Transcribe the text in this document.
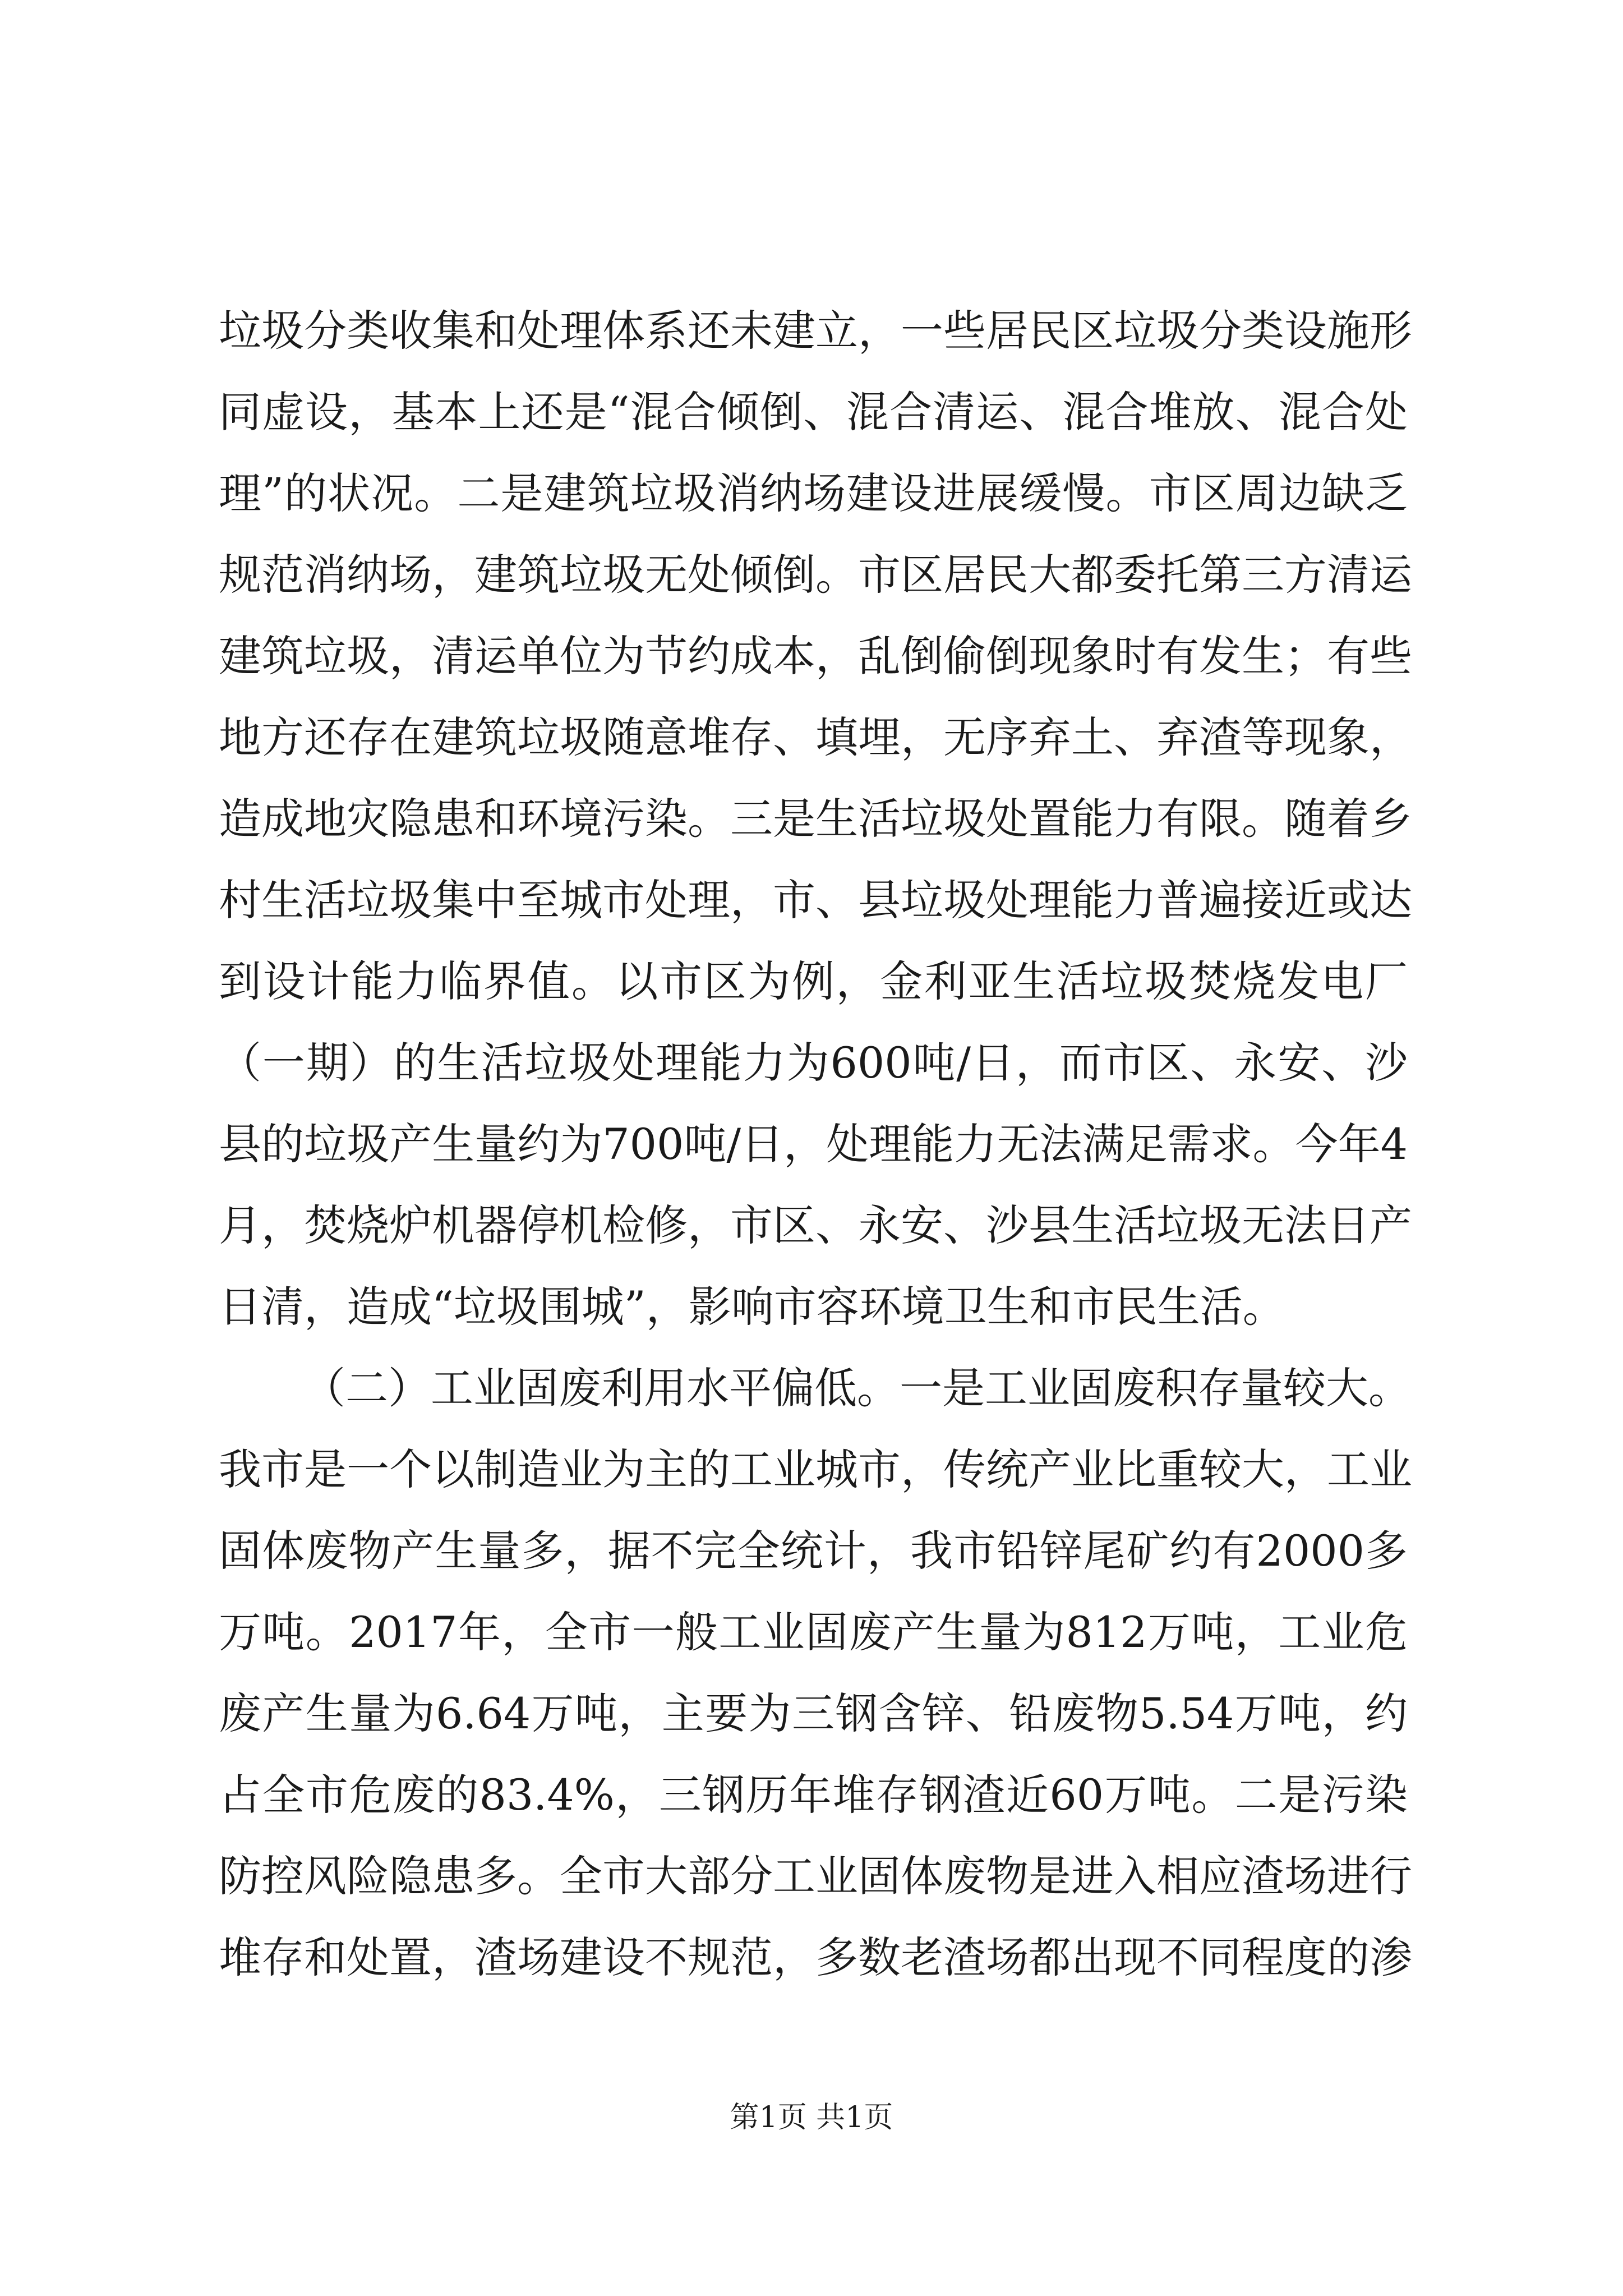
垃圾分类收集和处理体系还未建立，一些居民区垃圾分类设施形
同虚设，基本上还是“混合倾倒、混合清运、混合堆放、混合处
理”的状况。二是建筑垃圾消纳场建设进展缓慢。市区周边缺乏
规范消纳场，建筑垃圾无处倾倒。市区居民大都委托第三方清运
建筑垃圾，清运单位为节约成本，乱倒偷倒现象时有发生；有些
地方还存在建筑垃圾随意堆存、填埋，无序弃土、弃渣等现象，
造成地灾隐患和环境污染。三是生活垃圾处置能力有限。随着乡
村生活垃圾集中至城市处理，市、县垃圾处理能力普遍接近或达
到设计能力临界值。以市区为例，金利亚生活垃圾焚烧发电厂
（一期）的生活垃圾处理能力为600吨/日，而市区、永安、沙
县的垃圾产生量约为700吨/日，处理能力无法满足需求。今年4
月，焚烧炉机器停机检修，市区、永安、沙县生活垃圾无法日产
日清，造成“垃圾围城”，影响市容环境卫生和市民生活。
（二）工业固废利用水平偏低。一是工业固废积存量较大。
我市是一个以制造业为主的工业城市，传统产业比重较大，工业
固体废物产生量多，据不完全统计，我市铅锌尾矿约有2000多
万吨。2017年，全市一般工业固废产生量为812万吨，工业危
废产生量为6.64万吨，主要为三钢含锌、铅废物5.54万吨，约
占全市危废的83.4%，三钢历年堆存钢渣近60万吨。二是污染
防控风险隐患多。全市大部分工业固体废物是进入相应渣场进行
堆存和处置，渣场建设不规范，多数老渣场都出现不同程度的渗
第1页 共1页
